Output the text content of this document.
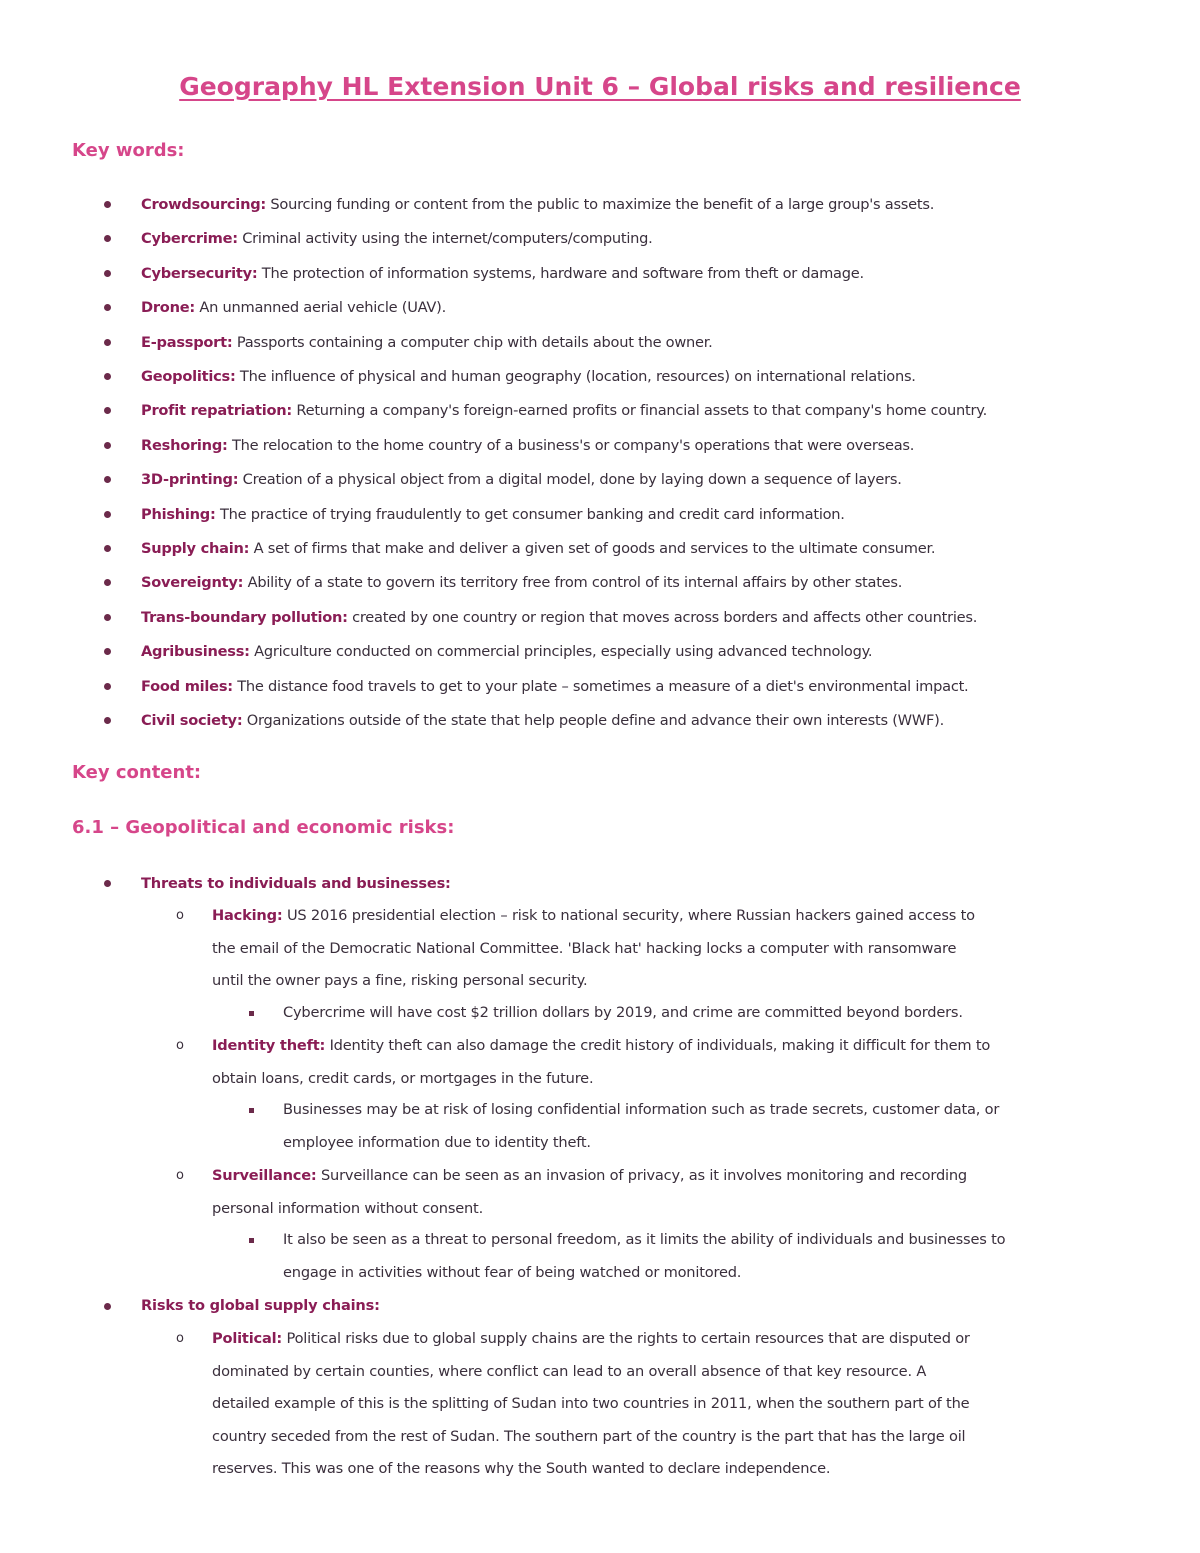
Geography HL Extension Unit 6 – Global risks and resilience
Key words:
Crowdsourcing: Sourcing funding or content from the public to maximize the benefit of a large group's assets.
Cybercrime: Criminal activity using the internet/computers/computing.
Cybersecurity: The protection of information systems, hardware and software from theft or damage.
Drone: An unmanned aerial vehicle (UAV).
E-passport: Passports containing a computer chip with details about the owner.
Geopolitics: The influence of physical and human geography (location, resources) on international relations.
Profit repatriation: Returning a company's foreign-earned profits or financial assets to that company's home country.
Reshoring: The relocation to the home country of a business's or company's operations that were overseas.
3D-printing: Creation of a physical object from a digital model, done by laying down a sequence of layers.
Phishing: The practice of trying fraudulently to get consumer banking and credit card information.
Supply chain: A set of firms that make and deliver a given set of goods and services to the ultimate consumer.
Sovereignty: Ability of a state to govern its territory free from control of its internal affairs by other states.
Trans-boundary pollution: created by one country or region that moves across borders and affects other countries.
Agribusiness: Agriculture conducted on commercial principles, especially using advanced technology.
Food miles: The distance food travels to get to your plate – sometimes a measure of a diet's environmental impact.
Civil society: Organizations outside of the state that help people define and advance their own interests (WWF).
Key content:
6.1 – Geopolitical and economic risks:
Threats to individuals and businesses:
o Hacking: US 2016 presidential election – risk to national security, where Russian hackers gained access to
the email of the Democratic National Committee. 'Black hat' hacking locks a computer with ransomware
until the owner pays a fine, risking personal security.
Cybercrime will have cost $2 trillion dollars by 2019, and crime are committed beyond borders.
o Identity theft: Identity theft can also damage the credit history of individuals, making it difficult for them to
obtain loans, credit cards, or mortgages in the future.
Businesses may be at risk of losing confidential information such as trade secrets, customer data, or
employee information due to identity theft.
o Surveillance: Surveillance can be seen as an invasion of privacy, as it involves monitoring and recording
personal information without consent.
It also be seen as a threat to personal freedom, as it limits the ability of individuals and businesses to
engage in activities without fear of being watched or monitored.
Risks to global supply chains:
o Political: Political risks due to global supply chains are the rights to certain resources that are disputed or
dominated by certain counties, where conflict can lead to an overall absence of that key resource. A
detailed example of this is the splitting of Sudan into two countries in 2011, when the southern part of the
country seceded from the rest of Sudan. The southern part of the country is the part that has the large oil
reserves. This was one of the reasons why the South wanted to declare independence.
